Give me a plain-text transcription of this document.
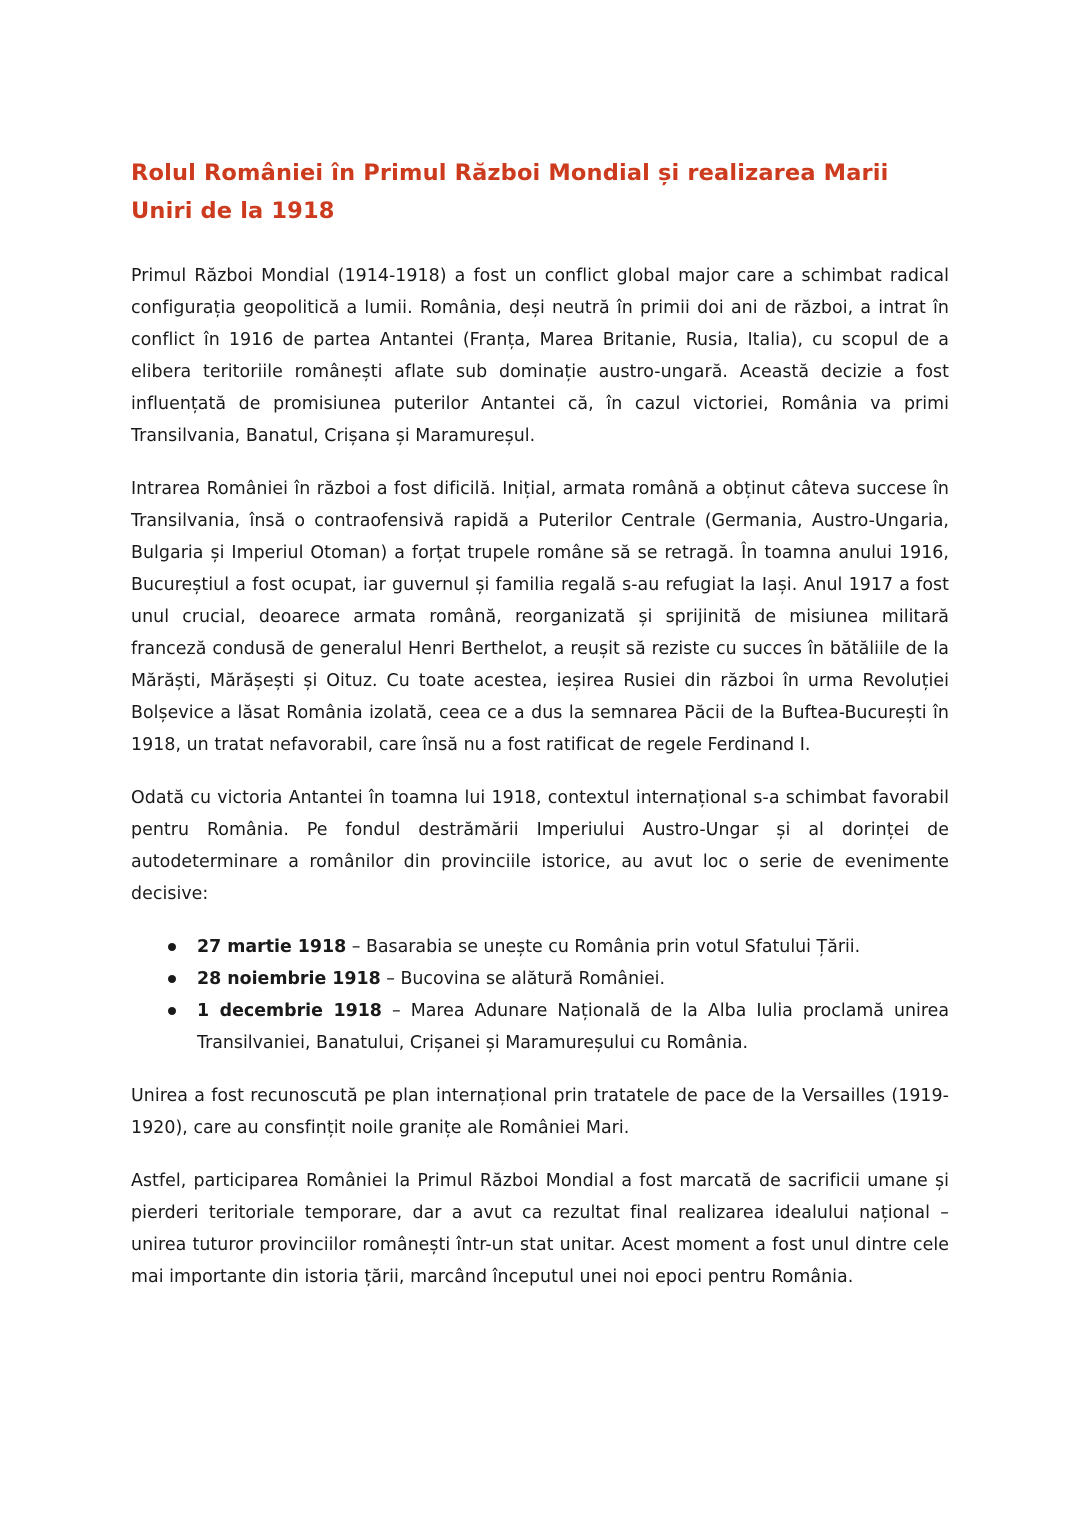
Rolul României în Primul Război Mondial și realizarea Marii Uniri de la 1918

Primul Război Mondial (1914-1918) a fost un conflict global major care a schimbat radical configurația geopolitică a lumii. România, deși neutră în primii doi ani de război, a intrat în conflict în 1916 de partea Antantei (Franța, Marea Britanie, Rusia, Italia), cu scopul de a elibera teritoriile românești aflate sub dominație austro-ungară. Această decizie a fost influențată de promisiunea puterilor Antantei că, în cazul victoriei, România va primi Transilvania, Banatul, Crișana și Maramureșul.

Intrarea României în război a fost dificilă. Inițial, armata română a obținut câteva succese în Transilvania, însă o contraofensivă rapidă a Puterilor Centrale (Germania, Austro-Ungaria, Bulgaria și Imperiul Otoman) a forțat trupele române să se retragă. În toamna anului 1916, Bucureștiul a fost ocupat, iar guvernul și familia regală s-au refugiat la Iași. Anul 1917 a fost unul crucial, deoarece armata română, reorganizată și sprijinită de misiunea militară franceză condusă de generalul Henri Berthelot, a reușit să reziste cu succes în bătăliile de la Mărăști, Mărășești și Oituz. Cu toate acestea, ieșirea Rusiei din război în urma Revoluției Bolșevice a lăsat România izolată, ceea ce a dus la semnarea Păcii de la Buftea-București în 1918, un tratat nefavorabil, care însă nu a fost ratificat de regele Ferdinand I.

Odată cu victoria Antantei în toamna lui 1918, contextul internațional s-a schimbat favorabil pentru România. Pe fondul destrămării Imperiului Austro-Ungar și al dorinței de autodeterminare a românilor din provinciile istorice, au avut loc o serie de evenimente decisive:

27 martie 1918 – Basarabia se unește cu România prin votul Sfatului Țării.
28 noiembrie 1918 – Bucovina se alătură României.
1 decembrie 1918 – Marea Adunare Națională de la Alba Iulia proclamă unirea Transilvaniei, Banatului, Crișanei și Maramureșului cu România.

Unirea a fost recunoscută pe plan internațional prin tratatele de pace de la Versailles (1919-1920), care au consfințit noile granițe ale României Mari.

Astfel, participarea României la Primul Război Mondial a fost marcată de sacrificii umane și pierderi teritoriale temporare, dar a avut ca rezultat final realizarea idealului național – unirea tuturor provinciilor românești într-un stat unitar. Acest moment a fost unul dintre cele mai importante din istoria țării, marcând începutul unei noi epoci pentru România.
